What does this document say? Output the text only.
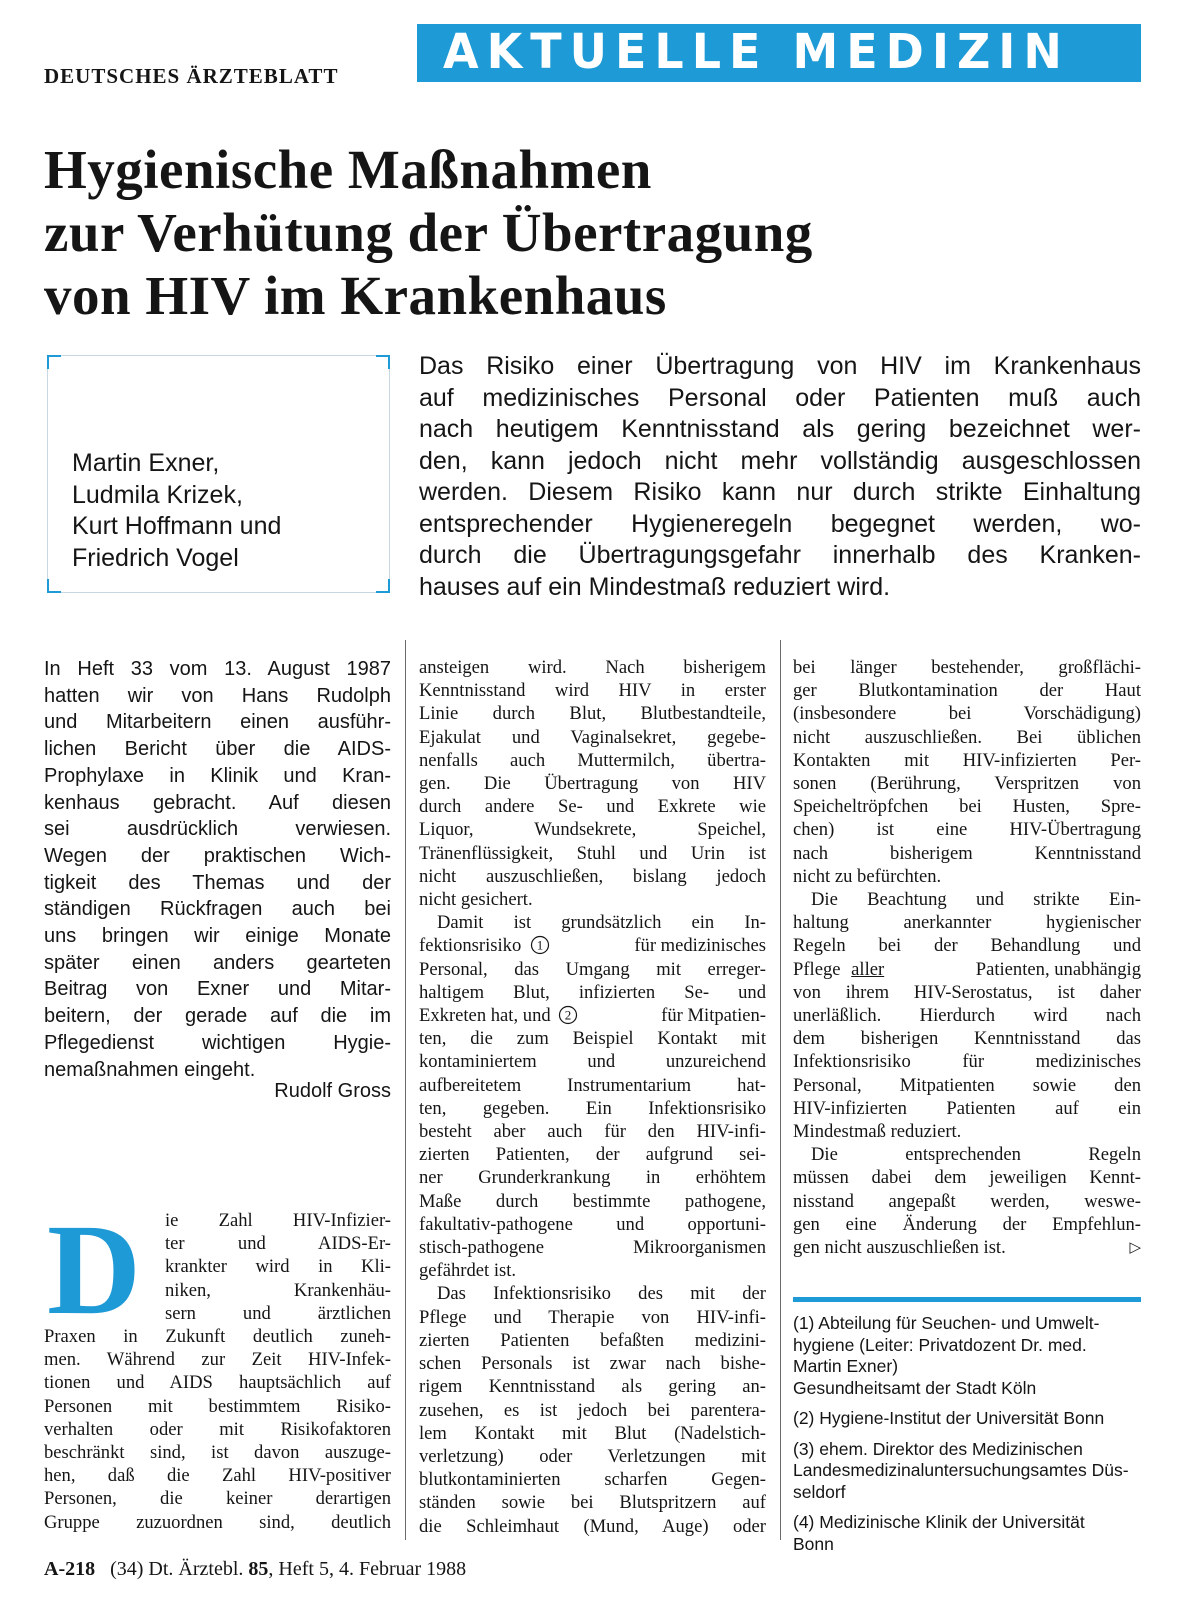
DEUTSCHES ÄRZTEBLATT	AKTUELLE MEDIZIN
Hygienische Maßnahmen
zur Verhütung der Übertragung
von HIV im Krankenhaus
Martin Exner,
Ludmila Krizek,
Kurt Hoffmann und
Friedrich Vogel
Das Risiko einer Übertragung von HIV im Krankenhaus
auf medizinisches Personal oder Patienten muß auch
nach heutigem Kenntnisstand als gering bezeichnet wer-
den, kann jedoch nicht mehr vollständig ausgeschlossen
werden. Diesem Risiko kann nur durch strikte Einhaltung
entsprechender Hygieneregeln begegnet werden, wo-
durch die Übertragungsgefahr innerhalb des Kranken-
hauses auf ein Mindestmaß reduziert wird.
In Heft 33 vom 13. August 1987
hatten wir von Hans Rudolph
und Mitarbeitern einen ausführ-
lichen Bericht über die AIDS-
Prophylaxe in Klinik und Kran-
kenhaus gebracht. Auf diesen
sei ausdrücklich verwiesen.
Wegen der praktischen Wich-
tigkeit des Themas und der
ständigen Rückfragen auch bei
uns bringen wir einige Monate
später einen anders gearteten
Beitrag von Exner und Mitar-
beitern, der gerade auf die im
Pflegedienst wichtigen Hygie-
nemaßnahmen eingeht.
Rudolf Gross
D	ie Zahl HIV-Infizier-
ter und AIDS-Er-
krankter wird in Kli-
niken, Krankenhäu-
sern und ärztlichen
Praxen in Zukunft deutlich zuneh-
men. Während zur Zeit HIV-Infek-
tionen und AIDS hauptsächlich auf
Personen mit bestimmtem Risiko-
verhalten oder mit Risikofaktoren
beschränkt sind, ist davon auszuge-
hen, daß die Zahl HIV-positiver
Personen, die keiner derartigen
Gruppe zuzuordnen sind, deutlich
ansteigen wird. Nach bisherigem
Kenntnisstand wird HIV in erster
Linie durch Blut, Blutbestandteile,
Ejakulat und Vaginalsekret, gegebe-
nenfalls auch Muttermilch, übertra-
gen. Die Übertragung von HIV
durch andere Se- und Exkrete wie
Liquor, Wundsekrete, Speichel,
Tränenflüssigkeit, Stuhl und Urin ist
nicht auszuschließen, bislang jedoch
nicht gesichert.
Damit ist grundsätzlich ein In-
fektionsrisiko 1	für medizinisches
Personal, das Umgang mit erreger-
haltigem Blut, infizierten Se- und
Exkreten hat, und 2	für Mitpatien-
ten, die zum Beispiel Kontakt mit
kontaminiertem und unzureichend
aufbereitetem Instrumentarium hat-
ten, gegeben. Ein Infektionsrisiko
besteht aber auch für den HIV-infi-
zierten Patienten, der aufgrund sei-
ner Grunderkrankung in erhöhtem
Maße durch bestimmte pathogene,
fakultativ-pathogene und opportuni-
stisch-pathogene Mikroorganismen
gefährdet ist.
Das Infektionsrisiko des mit der
Pflege und Therapie von HIV-infi-
zierten Patienten befaßten medizini-
schen Personals ist zwar nach bishe-
rigem Kenntnisstand als gering an-
zusehen, es ist jedoch bei parentera-
lem Kontakt mit Blut (Nadelstich-
verletzung) oder Verletzungen mit
blutkontaminierten scharfen Gegen-
ständen sowie bei Blutspritzern auf
die Schleimhaut (Mund, Auge) oder
bei länger bestehender, großflächi-
ger Blutkontamination der Haut
(insbesondere bei Vorschädigung)
nicht auszuschließen. Bei üblichen
Kontakten mit HIV-infizierten Per-
sonen (Berührung, Verspritzen von
Speicheltröpfchen bei Husten, Spre-
chen) ist eine HIV-Übertragung
nach bisherigem Kenntnisstand
nicht zu befürchten.
Die Beachtung und strikte Ein-
haltung anerkannter hygienischer
Regeln bei der Behandlung und
Pflege aller	Patienten, unabhängig
von ihrem HIV-Serostatus, ist daher
unerläßlich. Hierdurch wird nach
dem bisherigen Kenntnisstand das
Infektionsrisiko für medizinisches
Personal, Mitpatienten sowie den
HIV-infizierten Patienten auf ein
Mindestmaß reduziert.
Die entsprechenden Regeln
müssen dabei dem jeweiligen Kennt-
nisstand angepaßt werden, weswe-
gen eine Änderung der Empfehlun-
gen nicht auszuschließen ist.	▷
(1) Abteilung für Seuchen- und Umwelt-
hygiene (Leiter: Privatdozent Dr. med.
Martin Exner)
Gesundheitsamt der Stadt Köln
(2) Hygiene-Institut der Universität Bonn
(3) ehem. Direktor des Medizinischen
Landesmedizinaluntersuchungsamtes Düs-
seldorf
(4) Medizinische Klinik der Universität
Bonn
A-218 (34) Dt. Ärztebl. 85, Heft 5, 4. Februar 1988
